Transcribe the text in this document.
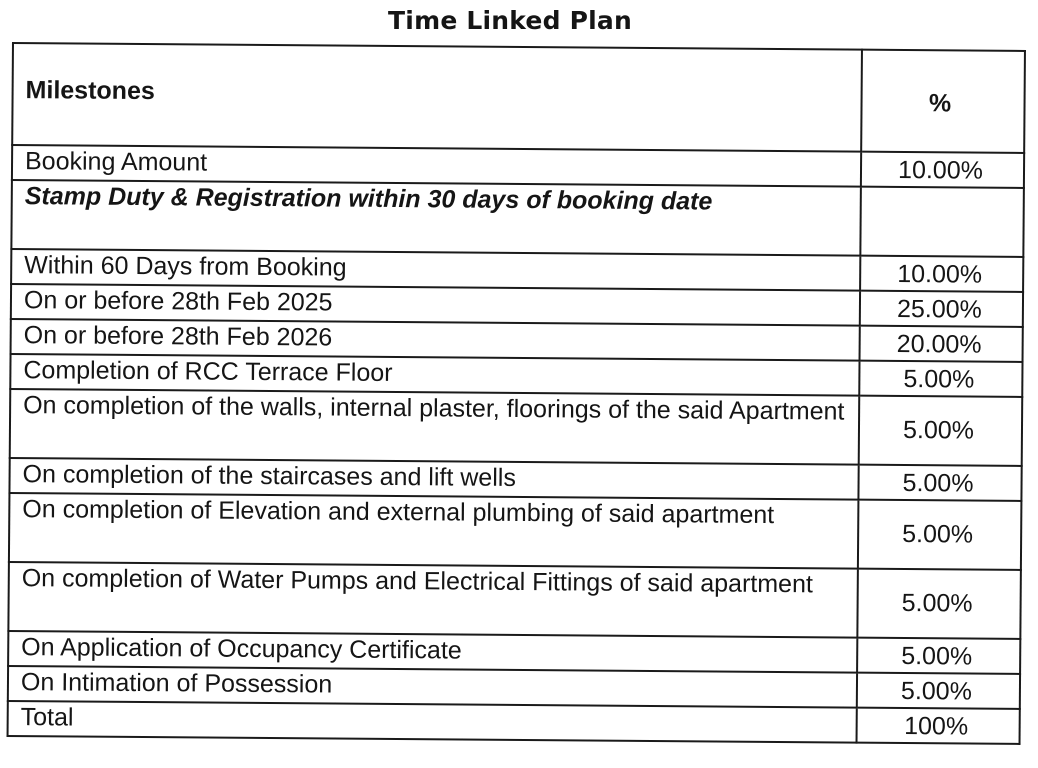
Time Linked Plan
Milestones	%
Booking Amount	10.00%
Stamp Duty & Registration within 30 days of booking date	
Within 60 Days from Booking	10.00%
On or before 28th Feb 2025	25.00%
On or before 28th Feb 2026	20.00%
Completion of RCC Terrace Floor	5.00%
On completion of the walls, internal plaster, floorings of the said Apartment	5.00%
On completion of the staircases and lift wells	5.00%
On completion of Elevation and external plumbing of said apartment	5.00%
On completion of Water Pumps and Electrical Fittings of said apartment	5.00%
On Application of Occupancy Certificate	5.00%
On Intimation of Possession	5.00%
Total	100%
